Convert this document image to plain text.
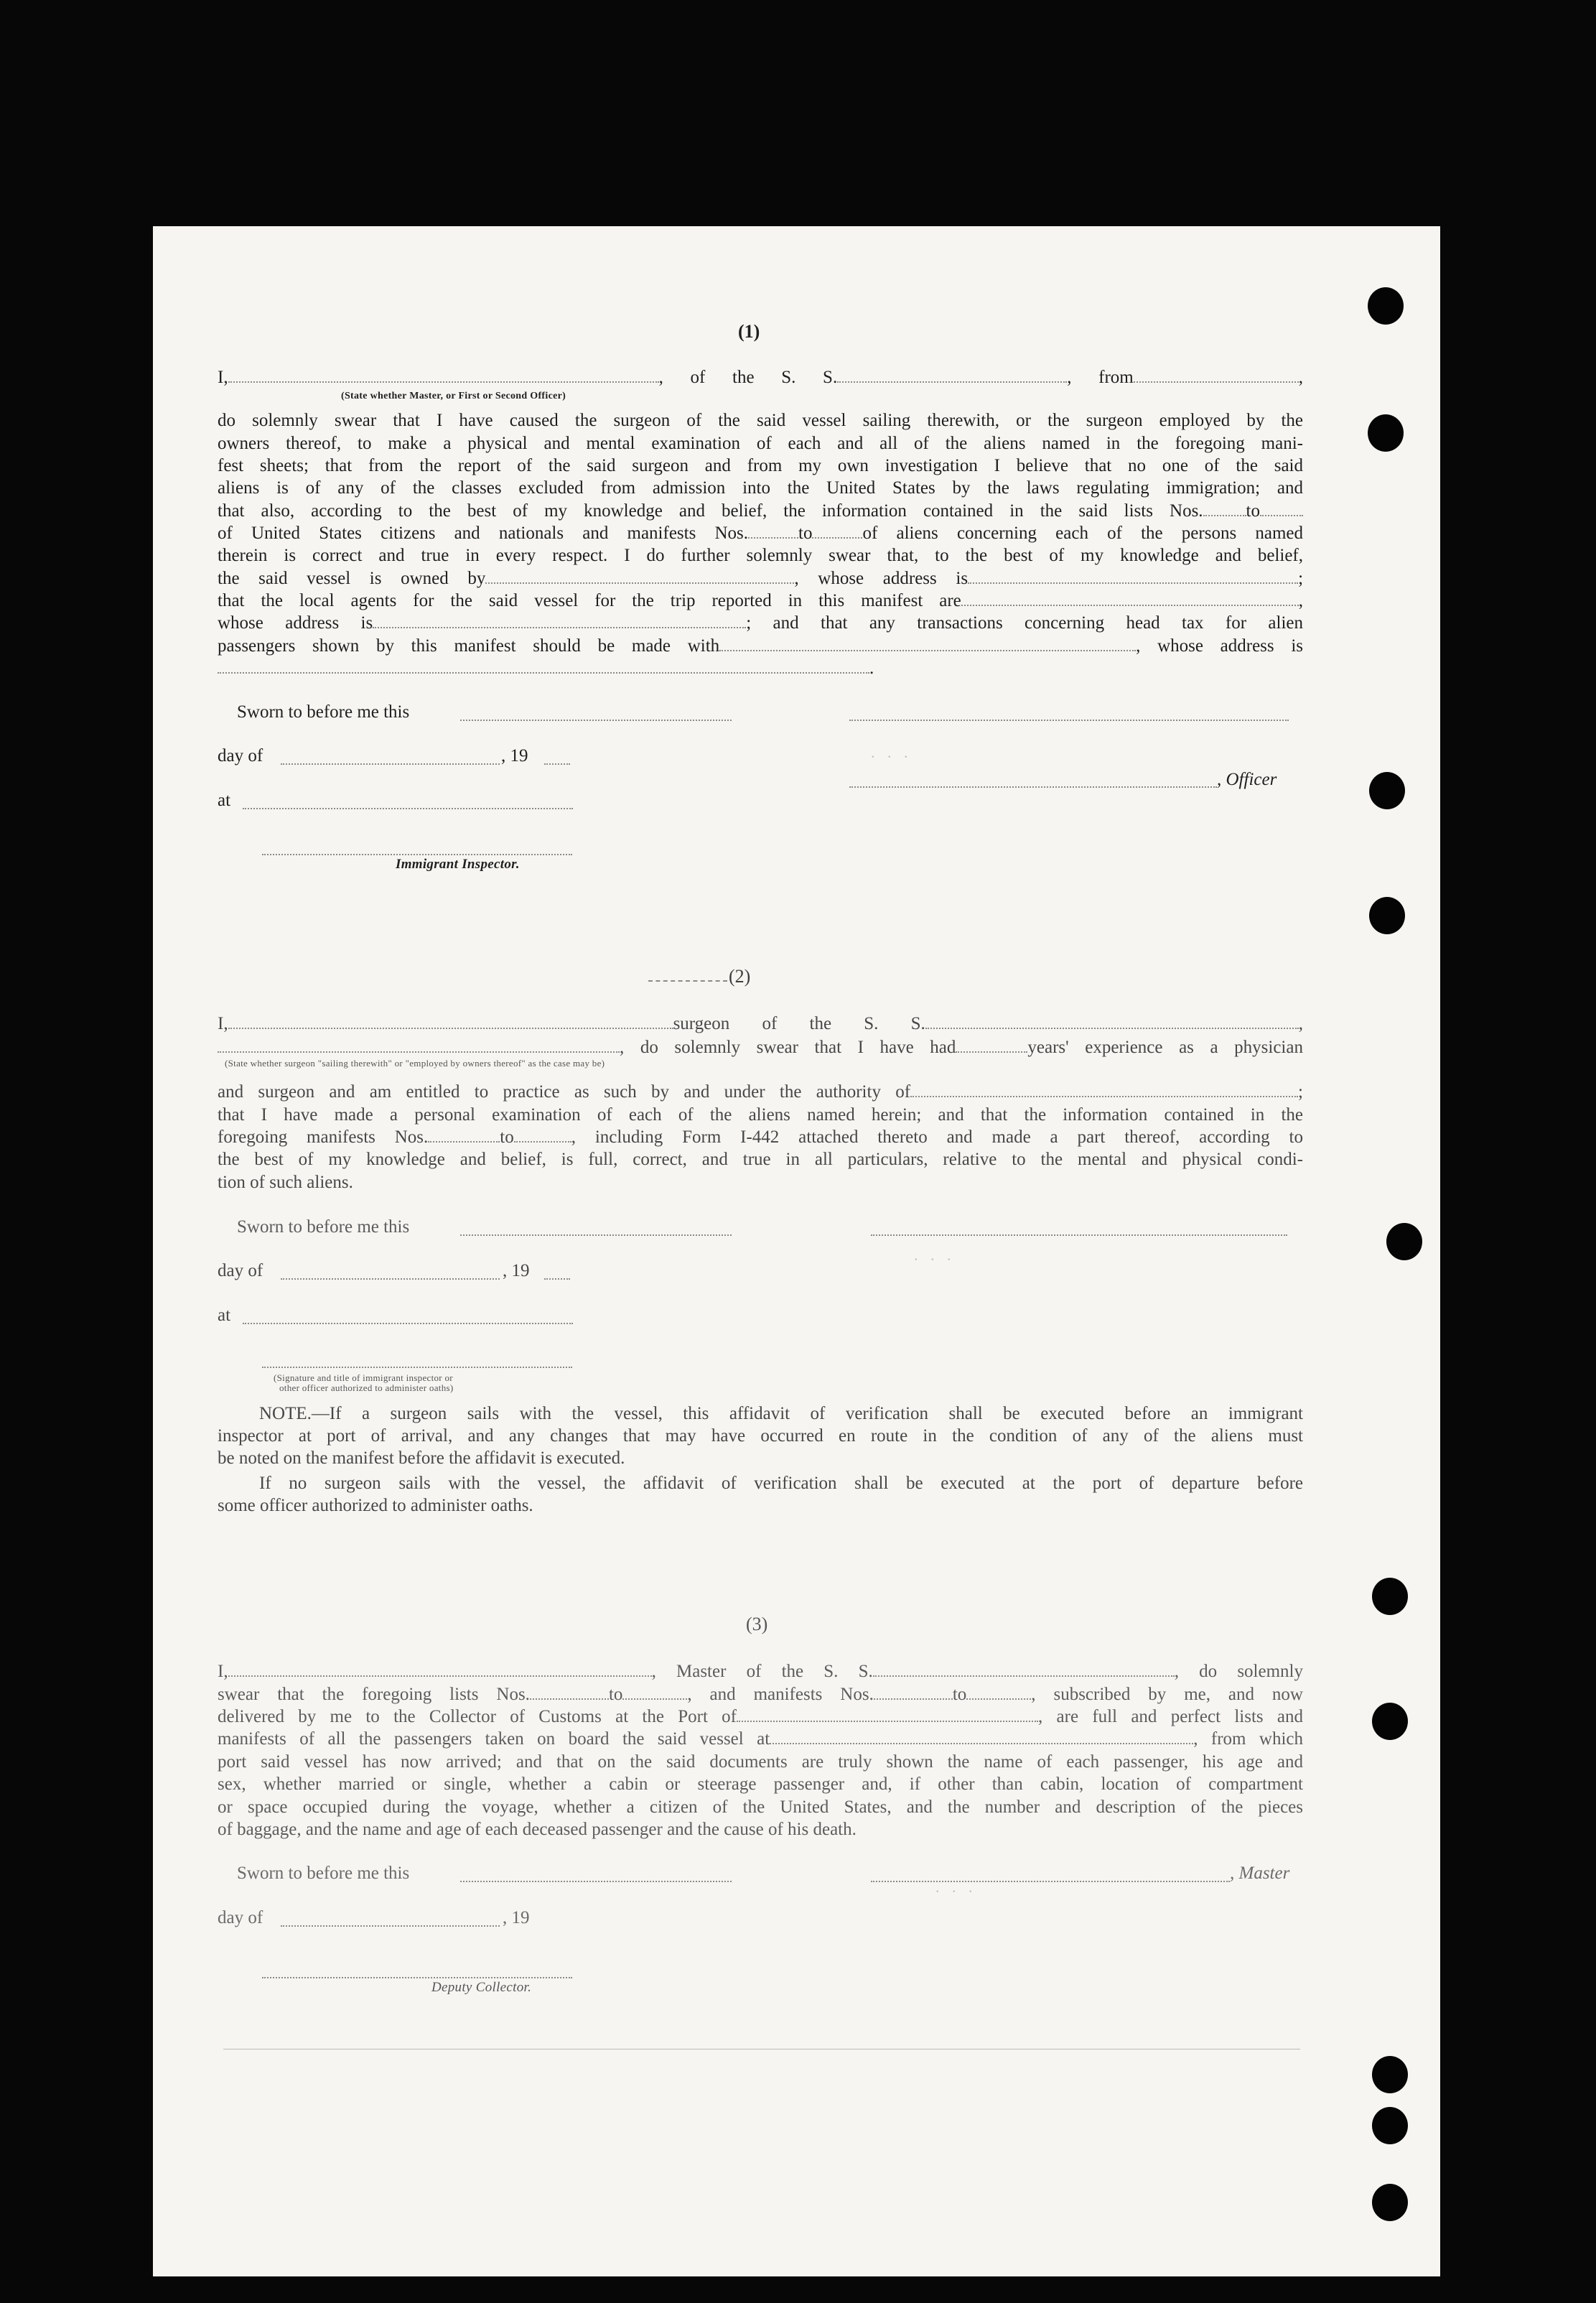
. . .
. . .
. . .
(1)
I,	, of the S. S.	, from	,
(State whether Master, or First or Second Officer)
do solemnly swear that I have caused the surgeon of the said vessel sailing therewith, or the surgeon employed by the
owners thereof, to make a physical and mental examination of each and all of the aliens named in the foregoing mani-
fest sheets; that from the report of the said surgeon and from my own investigation I believe that no one of the said
aliens is of any of the classes excluded from admission into the United States by the laws regulating immigration; and
that also, according to the best of my knowledge and belief, the information contained in the said lists Nos. to
of United States citizens and nationals and manifests Nos.	to	of aliens concerning each of the persons named
therein is correct and true in every respect. I do further solemnly swear that, to the best of my knowledge and belief,
the said vessel is owned by	, whose address is	;
that the local agents for the said vessel for the trip reported in this manifest are	,
whose address is	; and that any transactions concerning head tax for alien
passengers shown by this manifest should be made with	, whose address is
.
Sworn to before me this
day of	, 19
, Officer
at
Immigrant Inspector.
(2)
I,	surgeon of the S. S.	,
, do solemnly swear that I have had	years' experience as a physician
(State whether surgeon "sailing therewith" or "employed by owners thereof" as the case may be)
and surgeon and am entitled to practice as such by and under the authority of	;
that I have made a personal examination of each of the aliens named herein; and that the information contained in the
foregoing manifests Nos.	to	, including Form I-442 attached thereto and made a part thereof, according to
the best of my knowledge and belief, is full, correct, and true in all particulars, relative to the mental and physical condi-
tion of such aliens.
Sworn to before me this
day of	, 19
at
(Signature and title of immigrant inspector or
other officer authorized to administer oaths)
NOTE.—If a surgeon sails with the vessel, this affidavit of verification shall be executed before an immigrant
inspector at port of arrival, and any changes that may have occurred en route in the condition of any of the aliens must
be noted on the manifest before the affidavit is executed.
If no surgeon sails with the vessel, the affidavit of verification shall be executed at the port of departure before
some officer authorized to administer oaths.
(3)
I,	, Master of the S. S.	, do solemnly
swear that the foregoing lists Nos.	to	, and manifests Nos.	to	, subscribed by me, and now
delivered by me to the Collector of Customs at the Port of	, are full and perfect lists and
manifests of all the passengers taken on board the said vessel at	, from which
port said vessel has now arrived; and that on the said documents are truly shown the name of each passenger, his age and
sex, whether married or single, whether a cabin or steerage passenger and, if other than cabin, location of compartment
or space occupied during the voyage, whether a citizen of the United States, and the number and description of the pieces
of baggage, and the name and age of each deceased passenger and the cause of his death.
Sworn to before me this	, Master
day of	, 19
Deputy Collector.
